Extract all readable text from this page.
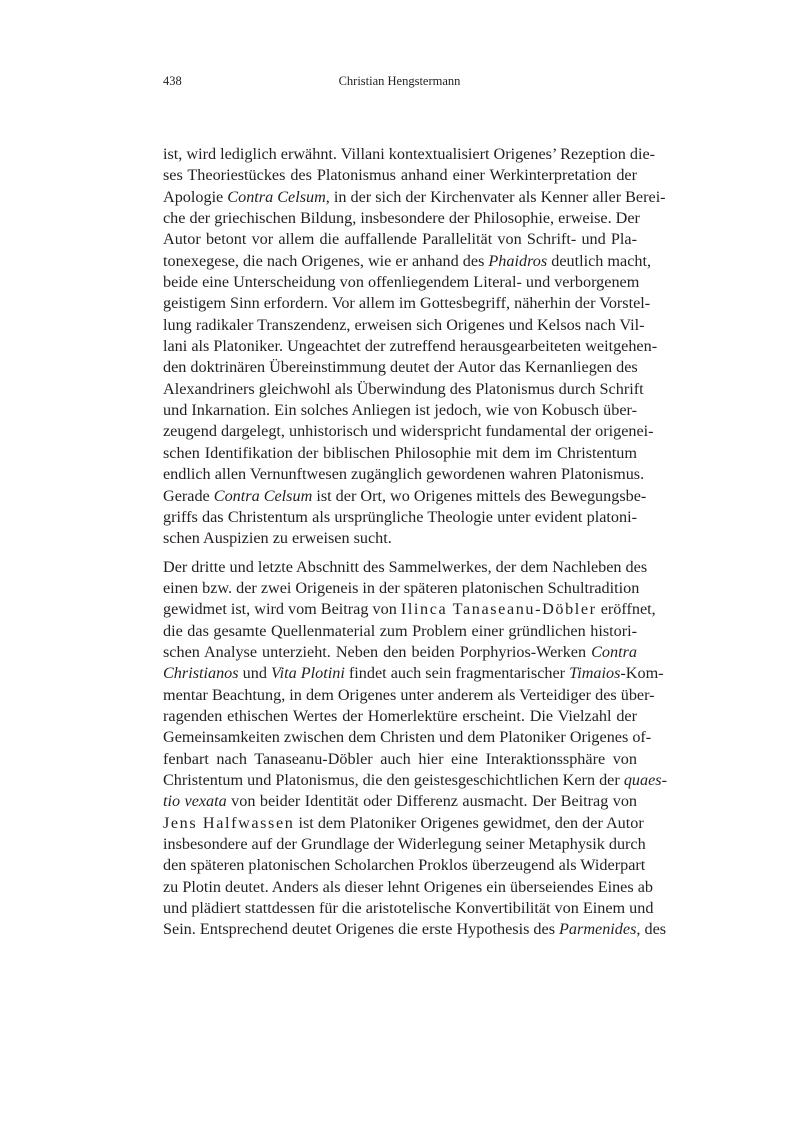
438	Christian Hengstermann

ist, wird lediglich erwähnt. Villani kontextualisiert Origenes’ Rezeption die-
ses Theoriestückes des Platonismus anhand einer Werkinterpretation der
Apologie Contra Celsum, in der sich der Kirchenvater als Kenner aller Berei-
che der griechischen Bildung, insbesondere der Philosophie, erweise. Der
Autor betont vor allem die auffallende Parallelität von Schrift- und Pla-
tonexegese, die nach Origenes, wie er anhand des Phaidros deutlich macht,
beide eine Unterscheidung von offenliegendem Literal- und verborgenem
geistigem Sinn erfordern. Vor allem im Gottesbegriff, näherhin der Vorstel-
lung radikaler Transzendenz, erweisen sich Origenes und Kelsos nach Vil-
lani als Platoniker. Ungeachtet der zutreffend herausgearbeiteten weitgehen-
den doktrinären Übereinstimmung deutet der Autor das Kernanliegen des
Alexandriners gleichwohl als Überwindung des Platonismus durch Schrift
und Inkarnation. Ein solches Anliegen ist jedoch, wie von Kobusch über-
zeugend dargelegt, unhistorisch und widerspricht fundamental der origenei-
schen Identifikation der biblischen Philosophie mit dem im Christentum
endlich allen Vernunftwesen zugänglich gewordenen wahren Platonismus.
Gerade Contra Celsum ist der Ort, wo Origenes mittels des Bewegungsbe-
griffs das Christentum als ursprüngliche Theologie unter evident platoni-
schen Auspizien zu erweisen sucht.

Der dritte und letzte Abschnitt des Sammelwerkes, der dem Nachleben des
einen bzw. der zwei Origeneis in der späteren platonischen Schultradition
gewidmet ist, wird vom Beitrag von Ilinca Tanaseanu-Döbler eröffnet,
die das gesamte Quellenmaterial zum Problem einer gründlichen histori-
schen Analyse unterzieht. Neben den beiden Porphyrios-Werken Contra
Christianos und Vita Plotini findet auch sein fragmentarischer Timaios-Kom-
mentar Beachtung, in dem Origenes unter anderem als Verteidiger des über-
ragenden ethischen Wertes der Homerlektüre erscheint. Die Vielzahl der
Gemeinsamkeiten zwischen dem Christen und dem Platoniker Origenes of-
fenbart nach Tanaseanu-Döbler auch hier eine Interaktionssphäre von
Christentum und Platonismus, die den geistesgeschichtlichen Kern der quaes-
tio vexata von beider Identität oder Differenz ausmacht. Der Beitrag von
Jens Halfwassen ist dem Platoniker Origenes gewidmet, den der Autor
insbesondere auf der Grundlage der Widerlegung seiner Metaphysik durch
den späteren platonischen Scholarchen Proklos überzeugend als Widerpart
zu Plotin deutet. Anders als dieser lehnt Origenes ein überseiendes Eines ab
und plädiert stattdessen für die aristotelische Konvertibilität von Einem und
Sein. Entsprechend deutet Origenes die erste Hypothesis des Parmenides, des
